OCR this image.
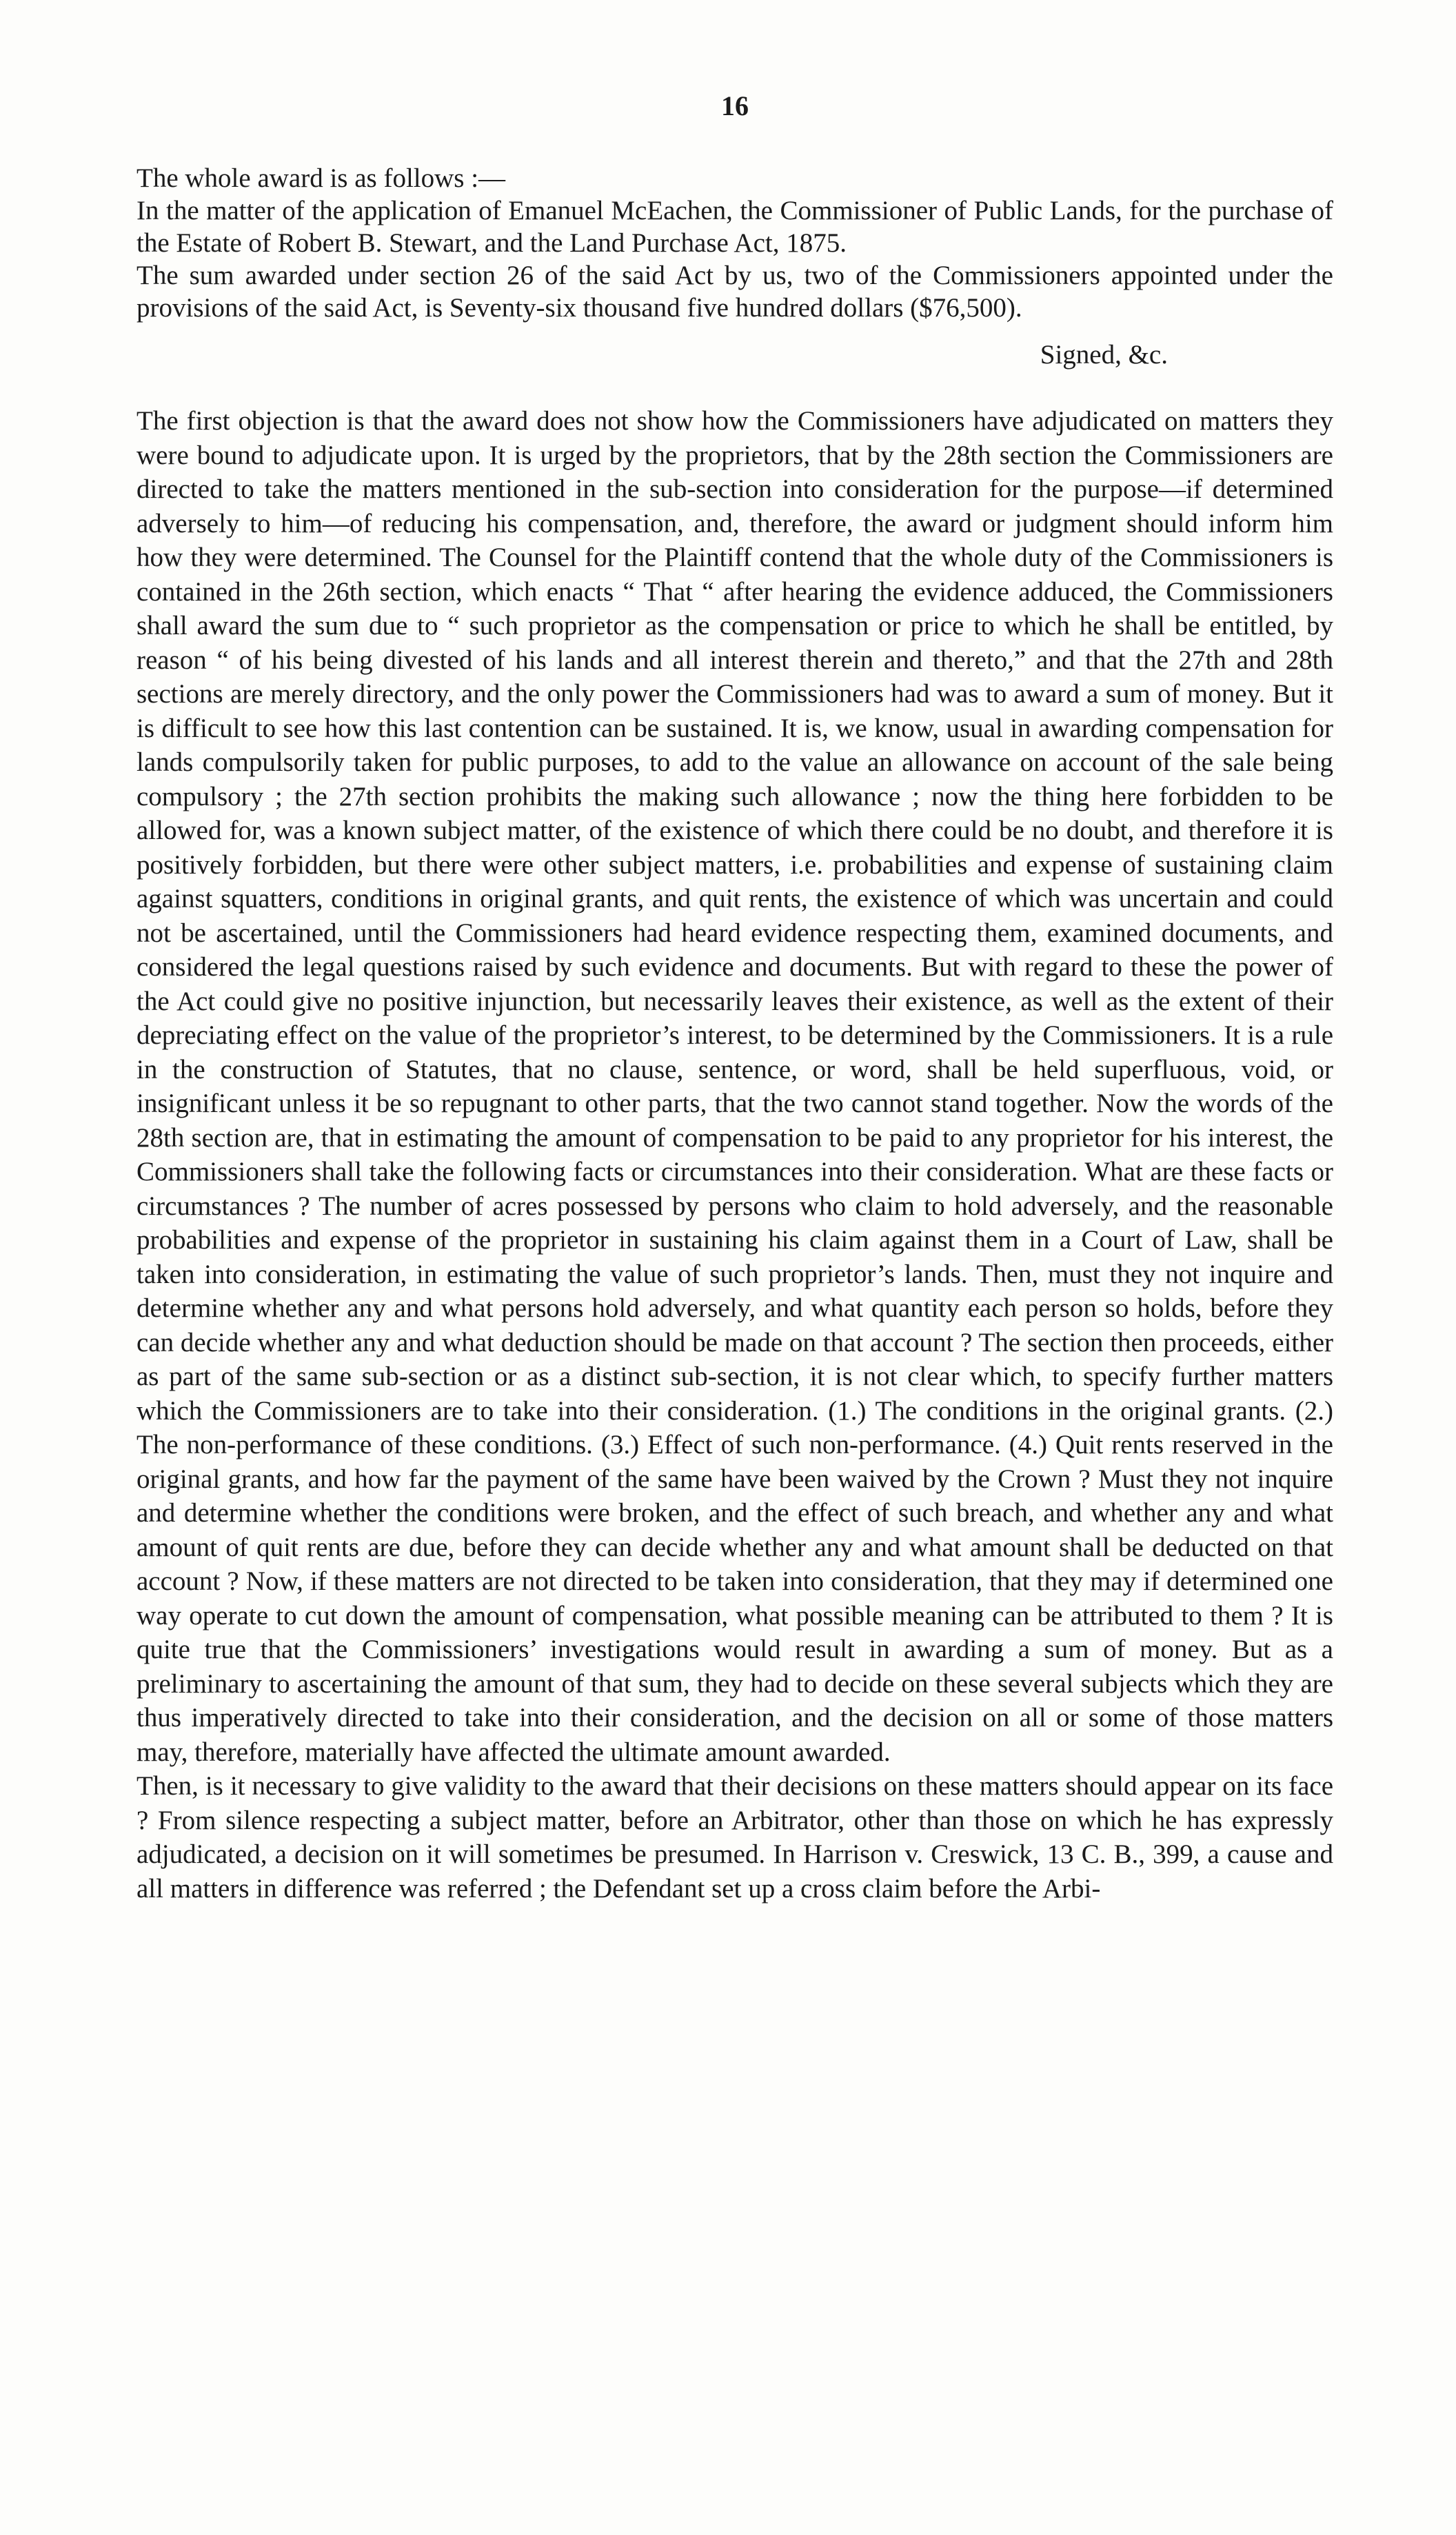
16

The whole award is as follows :—

In the matter of the application of Emanuel McEachen, the Commissioner of Public Lands, for the purchase of the Estate of Robert B. Stewart, and the Land Purchase Act, 1875.

The sum awarded under section 26 of the said Act by us, two of the Commissioners appointed under the provisions of the said Act, is Seventy-six thousand five hundred dollars ($76,500).

Signed, &c.

The first objection is that the award does not show how the Commissioners have adjudicated on matters they were bound to adjudicate upon. It is urged by the proprietors, that by the 28th section the Commissioners are directed to take the matters mentioned in the sub-section into consideration for the purpose—if determined adversely to him—of reducing his compensation, and, therefore, the award or judgment should inform him how they were determined. The Counsel for the Plaintiff contend that the whole duty of the Commissioners is contained in the 26th section, which enacts “ That “ after hearing the evidence adduced, the Commissioners shall award the sum due to “ such proprietor as the compensation or price to which he shall be entitled, by reason “ of his being divested of his lands and all interest therein and thereto,” and that the 27th and 28th sections are merely directory, and the only power the Commissioners had was to award a sum of money. But it is difficult to see how this last contention can be sustained. It is, we know, usual in awarding compensation for lands compulsorily taken for public purposes, to add to the value an allowance on account of the sale being compulsory ; the 27th section prohibits the making such allowance ; now the thing here forbidden to be allowed for, was a known subject matter, of the existence of which there could be no doubt, and therefore it is positively forbidden, but there were other subject matters, i.e. probabilities and expense of sustaining claim against squatters, conditions in original grants, and quit rents, the existence of which was uncertain and could not be ascertained, until the Commissioners had heard evidence respecting them, examined documents, and considered the legal questions raised by such evidence and documents. But with regard to these the power of the Act could give no positive injunction, but necessarily leaves their existence, as well as the extent of their depreciating effect on the value of the proprietor’s interest, to be determined by the Commissioners. It is a rule in the construction of Statutes, that no clause, sentence, or word, shall be held superfluous, void, or insignificant unless it be so repugnant to other parts, that the two cannot stand together. Now the words of the 28th section are, that in estimating the amount of compensation to be paid to any proprietor for his interest, the Commissioners shall take the following facts or circumstances into their consideration. What are these facts or circumstances ? The number of acres possessed by persons who claim to hold adversely, and the reasonable probabilities and expense of the proprietor in sustaining his claim against them in a Court of Law, shall be taken into consideration, in estimating the value of such proprietor’s lands. Then, must they not inquire and determine whether any and what persons hold adversely, and what quantity each person so holds, before they can decide whether any and what deduction should be made on that account ? The section then proceeds, either as part of the same sub-section or as a distinct sub-section, it is not clear which, to specify further matters which the Commissioners are to take into their consideration. (1.) The conditions in the original grants. (2.) The non-performance of these conditions. (3.) Effect of such non-performance. (4.) Quit rents reserved in the original grants, and how far the payment of the same have been waived by the Crown ? Must they not inquire and determine whether the conditions were broken, and the effect of such breach, and whether any and what amount of quit rents are due, before they can decide whether any and what amount shall be deducted on that account ? Now, if these matters are not directed to be taken into consideration, that they may if determined one way operate to cut down the amount of compensation, what possible meaning can be attributed to them ? It is quite true that the Commissioners’ investigations would result in awarding a sum of money. But as a preliminary to ascertaining the amount of that sum, they had to decide on these several subjects which they are thus imperatively directed to take into their consideration, and the decision on all or some of those matters may, therefore, materially have affected the ultimate amount awarded.

Then, is it necessary to give validity to the award that their decisions on these matters should appear on its face ? From silence respecting a subject matter, before an Arbitrator, other than those on which he has expressly adjudicated, a decision on it will sometimes be presumed. In Harrison v. Creswick, 13 C. B., 399, a cause and all matters in difference was referred ; the Defendant set up a cross claim before the Arbi-
